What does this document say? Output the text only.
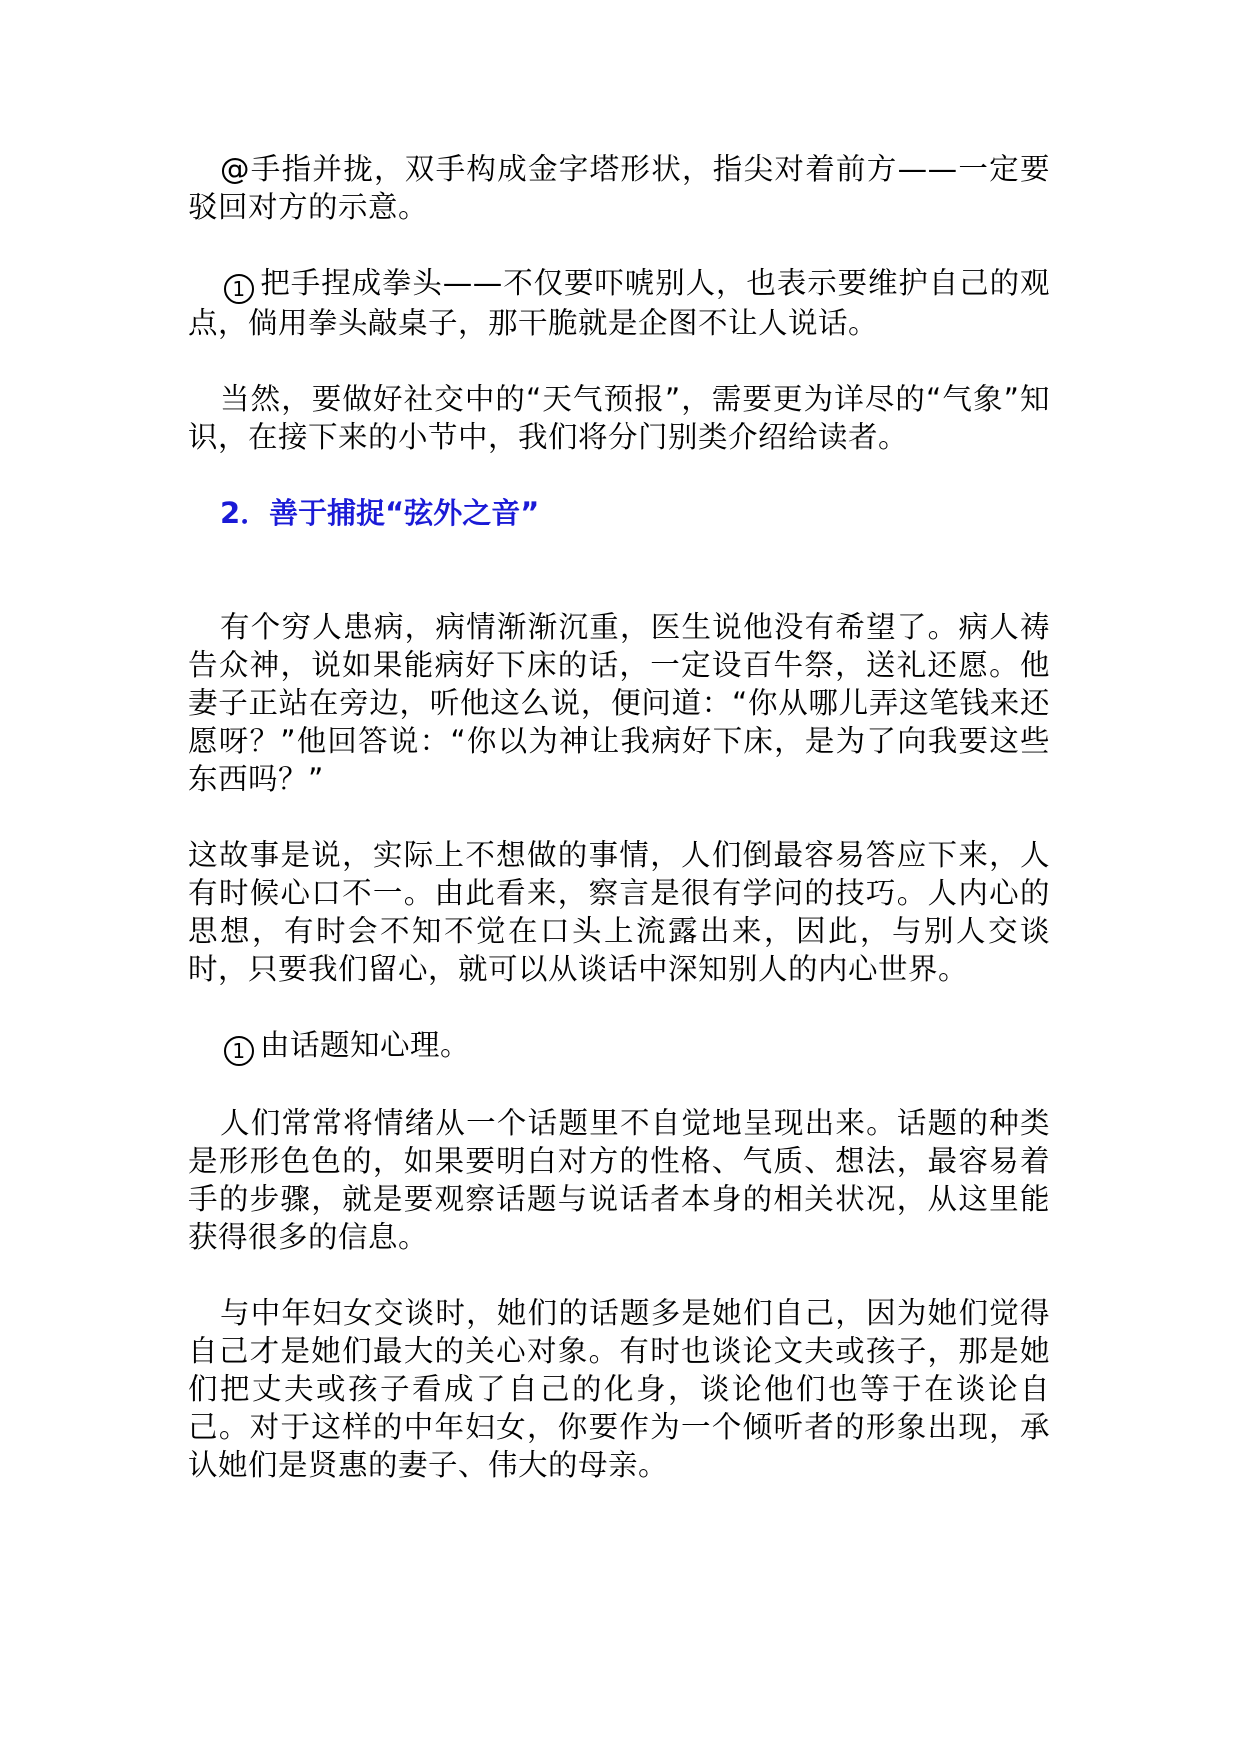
@手指并拢，双手构成金字塔形状，指尖对着前方——一定要驳回对方的示意。

1 把手捏成拳头——不仅要吓唬别人，也表示要维护自己的观点，倘用拳头敲桌子，那干脆就是企图不让人说话。

当然，要做好社交中的“天气预报”，需要更为详尽的“气象”知识，在接下来的小节中，我们将分门别类介绍给读者。

2．善于捕捉“弦外之音”

有个穷人患病，病情渐渐沉重，医生说他没有希望了。病人祷告众神，说如果能病好下床的话，一定设百牛祭，送礼还愿。他妻子正站在旁边，听他这么说，便问道：“你从哪儿弄这笔钱来还愿呀？”他回答说：“你以为神让我病好下床，是为了向我要这些东西吗？”

这故事是说，实际上不想做的事情，人们倒最容易答应下来，人有时候心口不一。由此看来，察言是很有学问的技巧。人内心的思想，有时会不知不觉在口头上流露出来，因此，与别人交谈时，只要我们留心，就可以从谈话中深知别人的内心世界。

1 由话题知心理。

人们常常将情绪从一个话题里不自觉地呈现出来。话题的种类是形形色色的，如果要明白对方的性格、气质、想法，最容易着手的步骤，就是要观察话题与说话者本身的相关状况，从这里能获得很多的信息。

与中年妇女交谈时，她们的话题多是她们自己，因为她们觉得自己才是她们最大的关心对象。有时也谈论文夫或孩子，那是她们把丈夫或孩子看成了自己的化身，谈论他们也等于在谈论自己。对于这样的中年妇女，你要作为一个倾听者的形象出现，承认她们是贤惠的妻子、伟大的母亲。
